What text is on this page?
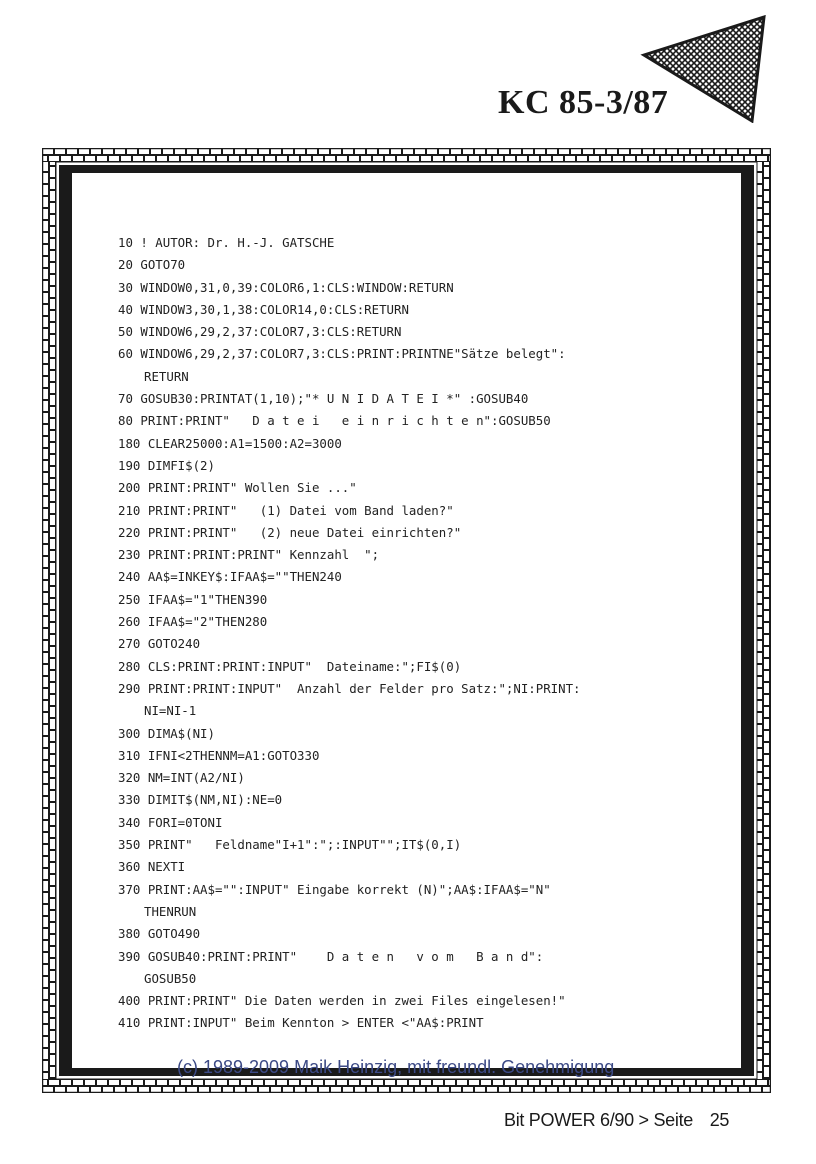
KC 85-3/87
10 ! AUTOR: Dr. H.-J. GATSCHE
20 GOTO70
30 WINDOW0,31,0,39:COLOR6,1:CLS:WINDOW:RETURN
40 WINDOW3,30,1,38:COLOR14,0:CLS:RETURN
50 WINDOW6,29,2,37:COLOR7,3:CLS:RETURN
60 WINDOW6,29,2,37:COLOR7,3:CLS:PRINT:PRINTNE"Sätze belegt":
RETURN
70 GOSUB30:PRINTAT(1,10);"* U N I D A T E I *" :GOSUB40
80 PRINT:PRINT"   D a t e i   e i n r i c h t e n":GOSUB50
180 CLEAR25000:A1=1500:A2=3000
190 DIMFI$(2)
200 PRINT:PRINT" Wollen Sie ..."
210 PRINT:PRINT"   (1) Datei vom Band laden?"
220 PRINT:PRINT"   (2) neue Datei einrichten?"
230 PRINT:PRINT:PRINT" Kennzahl  ";
240 AA$=INKEY$:IFAA$=""THEN240
250 IFAA$="1"THEN390
260 IFAA$="2"THEN280
270 GOTO240
280 CLS:PRINT:PRINT:INPUT"  Dateiname:";FI$(0)
290 PRINT:PRINT:INPUT"  Anzahl der Felder pro Satz:";NI:PRINT:
NI=NI-1
300 DIMA$(NI)
310 IFNI<2THENNM=A1:GOTO330
320 NM=INT(A2/NI)
330 DIMIT$(NM,NI):NE=0
340 FORI=0TONI
350 PRINT"   Feldname"I+1":";:INPUT"";IT$(0,I)
360 NEXTI
370 PRINT:AA$="":INPUT" Eingabe korrekt (N)";AA$:IFAA$="N"
THENRUN
380 GOTO490
390 GOSUB40:PRINT:PRINT"    D a t e n   v o m   B a n d":
GOSUB50
400 PRINT:PRINT" Die Daten werden in zwei Files eingelesen!"
410 PRINT:INPUT" Beim Kennton > ENTER <"AA$:PRINT
(c) 1989-2009 Maik Heinzig, mit freundl. Genehmigung
Bit POWER 6/90 > Seite 25
